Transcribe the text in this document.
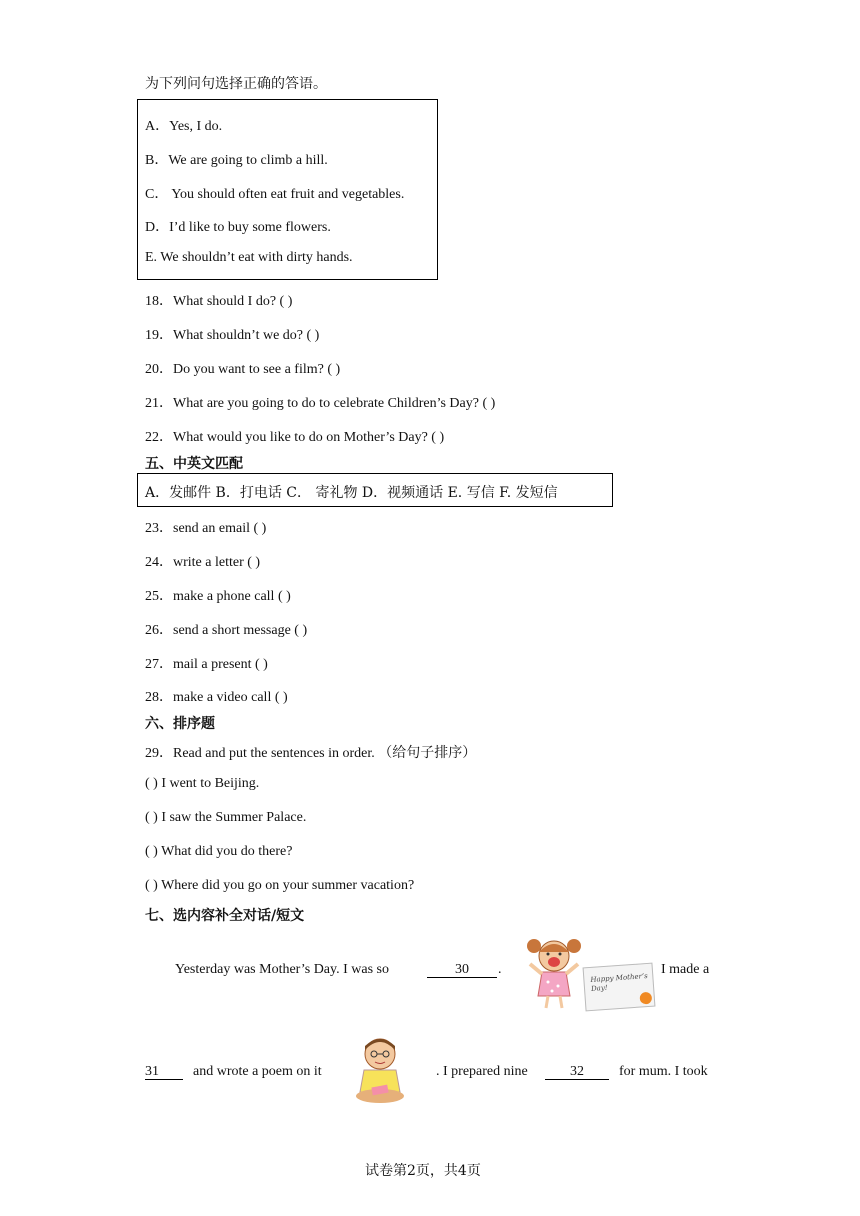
为下列问句选择正确的答语。
A．Yes, I do.
B．We are going to climb a hill.
C． You should often eat fruit and vegetables.
D．I’d like to buy some flowers.
E. We shouldn’t eat with dirty hands.
18．What should I do? ( )
19．What shouldn’t we do? ( )
20．Do you want to see a film? ( )
21．What are you going to do to celebrate Children’s Day? ( )
22．What would you like to do on Mother’s Day? ( )
五、中英文匹配
A．发邮件 B．打电话 C． 寄礼物 D．视频通话 E. 写信 F. 发短信
23．send an email ( )
24．write a letter ( )
25．make a phone call ( )
26．send a short message ( )
27．mail a present ( )
28．make a video call ( )
六、排序题
29．Read and put the sentences in order. （给句子排序）
( ) I went to Beijing.
( ) I saw the Summer Palace.
( ) What did you do there?
( ) Where did you go on your summer vacation?
七、选内容补全对话/短文
Yesterday was Mother’s Day. I was so	30	.
Happy Mother’s Day!
I made a
31	and wrote a poem on it	. I prepared nine	32	for mum. I took
试卷第2页，共4页
